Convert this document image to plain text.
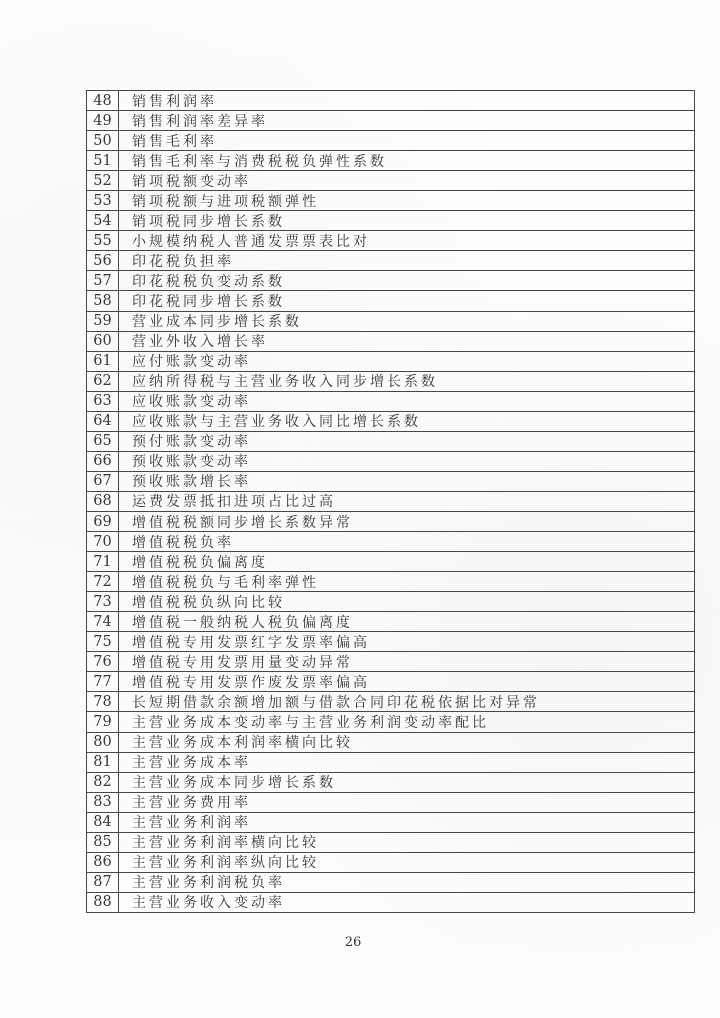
48	销售利润率
49	销售利润率差异率
50	销售毛利率
51	销售毛利率与消费税税负弹性系数
52	销项税额变动率
53	销项税额与进项税额弹性
54	销项税同步增长系数
55	小规模纳税人普通发票票表比对
56	印花税负担率
57	印花税税负变动系数
58	印花税同步增长系数
59	营业成本同步增长系数
60	营业外收入增长率
61	应付账款变动率
62	应纳所得税与主营业务收入同步增长系数
63	应收账款变动率
64	应收账款与主营业务收入同比增长系数
65	预付账款变动率
66	预收账款变动率
67	预收账款增长率
68	运费发票抵扣进项占比过高
69	增值税税额同步增长系数异常
70	增值税税负率
71	增值税税负偏离度
72	增值税税负与毛利率弹性
73	增值税税负纵向比较
74	增值税一般纳税人税负偏离度
75	增值税专用发票红字发票率偏高
76	增值税专用发票用量变动异常
77	增值税专用发票作废发票率偏高
78	长短期借款余额增加额与借款合同印花税依据比对异常
79	主营业务成本变动率与主营业务利润变动率配比
80	主营业务成本利润率横向比较
81	主营业务成本率
82	主营业务成本同步增长系数
83	主营业务费用率
84	主营业务利润率
85	主营业务利润率横向比较
86	主营业务利润率纵向比较
87	主营业务利润税负率
88	主营业务收入变动率
26
